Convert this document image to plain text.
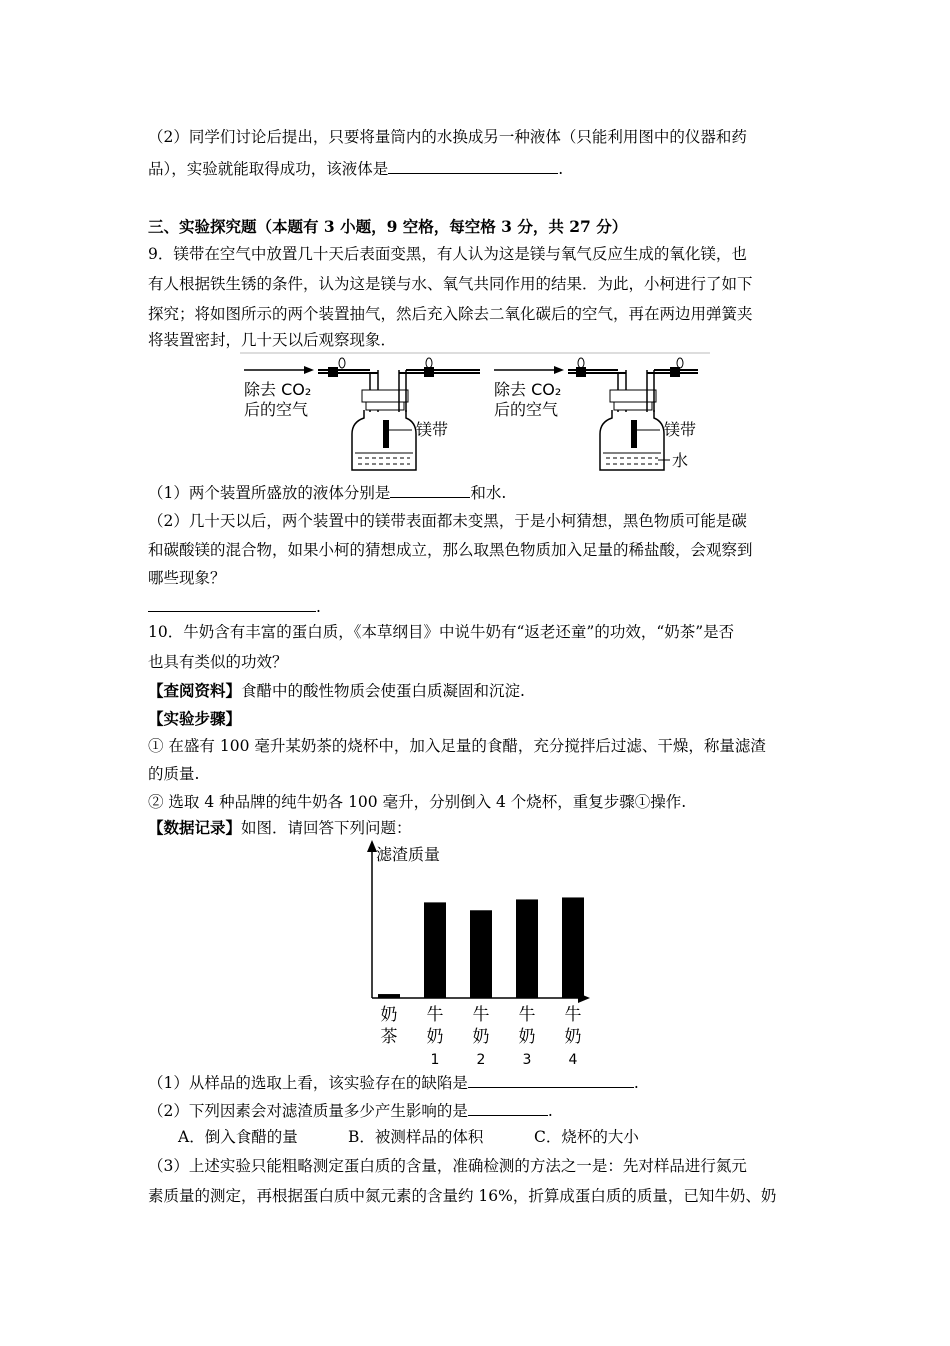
（2）同学们讨论后提出，只要将量筒内的水换成另一种液体（只能利用图中的仪器和药
品），实验就能取得成功，该液体是	.
三、实验探究题（本题有 3 小题，9 空格，每空格 3 分，共 27 分）
9．镁带在空气中放置几十天后表面变黑，有人认为这是镁与氧气反应生成的氧化镁，也
有人根据铁生锈的条件，认为这是镁与水、氧气共同作用的结果．为此，小柯进行了如下
探究；将如图所示的两个装置抽气，然后充入除去二氧化碳后的空气，再在两边用弹簧夹
将装置密封，几十天以后观察现象．
除去 CO₂
后的空气
镁带
除去 CO₂
后的空气
镁带
水
（1）两个装置所盛放的液体分别是	和水.
（2）几十天以后，两个装置中的镁带表面都未变黑，于是小柯猜想，黑色物质可能是碳
和碳酸镁的混合物，如果小柯的猜想成立，那么取黑色物质加入足量的稀盐酸，会观察到
哪些现象？
.
10．牛奶含有丰富的蛋白质，《本草纲目》中说牛奶有“返老还童”的功效，“奶茶”是否
也具有类似的功效？
【查阅资料】食醋中的酸性物质会使蛋白质凝固和沉淀.
【实验步骤】
① 在盛有 100 毫升某奶茶的烧杯中，加入足量的食醋，充分搅拌后过滤、干燥，称量滤渣
的质量.
② 选取 4 种品牌的纯牛奶各 100 毫升，分别倒入 4 个烧杯，重复步骤①操作.
【数据记录】如图．请回答下列问题：
滤渣质量
奶
茶
牛
奶
1
牛
奶
2
牛
奶
3
牛
奶
4
（1）从样品的选取上看，该实验存在的缺陷是	.
（2）下列因素会对滤渣质量多少产生影响的是	.
A．倒入食醋的量	B．被测样品的体积	C．烧杯的大小
（3）上述实验只能粗略测定蛋白质的含量，准确检测的方法之一是：先对样品进行氮元
素质量的测定，再根据蛋白质中氮元素的含量约 16%，折算成蛋白质的质量，已知牛奶、奶
